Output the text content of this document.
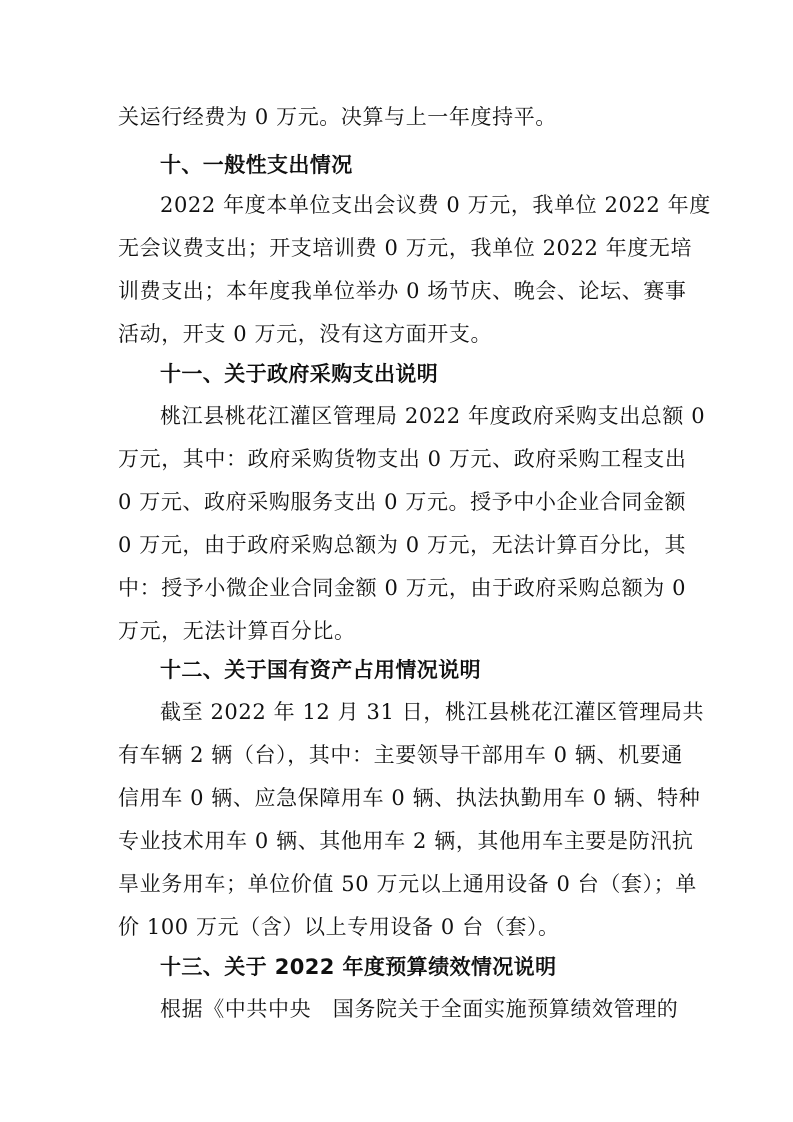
关运行经费为 0 万元。决算与上一年度持平。
十、一般性支出情况
2022 年度本单位支出会议费 0 万元，我单位 2022 年度
无会议费支出；开支培训费 0 万元，我单位 2022 年度无培
训费支出；本年度我单位举办 0 场节庆、晚会、论坛、赛事
活动，开支 0 万元，没有这方面开支。
十一、关于政府采购支出说明
桃江县桃花江灌区管理局 2022 年度政府采购支出总额 0
万元，其中：政府采购货物支出 0 万元、政府采购工程支出
0 万元、政府采购服务支出 0 万元。授予中小企业合同金额
0 万元，由于政府采购总额为 0 万元，无法计算百分比，其
中：授予小微企业合同金额 0 万元，由于政府采购总额为 0
万元，无法计算百分比。
十二、关于国有资产占用情况说明
截至 2022 年 12 月 31 日，桃江县桃花江灌区管理局共
有车辆 2 辆（台），其中：主要领导干部用车 0 辆、机要通
信用车 0 辆、应急保障用车 0 辆、执法执勤用车 0 辆、特种
专业技术用车 0 辆、其他用车 2 辆，其他用车主要是防汛抗
旱业务用车；单位价值 50 万元以上通用设备 0 台（套）；单
价 100 万元（含）以上专用设备 0 台（套）。
十三、关于 2022 年度预算绩效情况说明
根据《中共中央　国务院关于全面实施预算绩效管理的
